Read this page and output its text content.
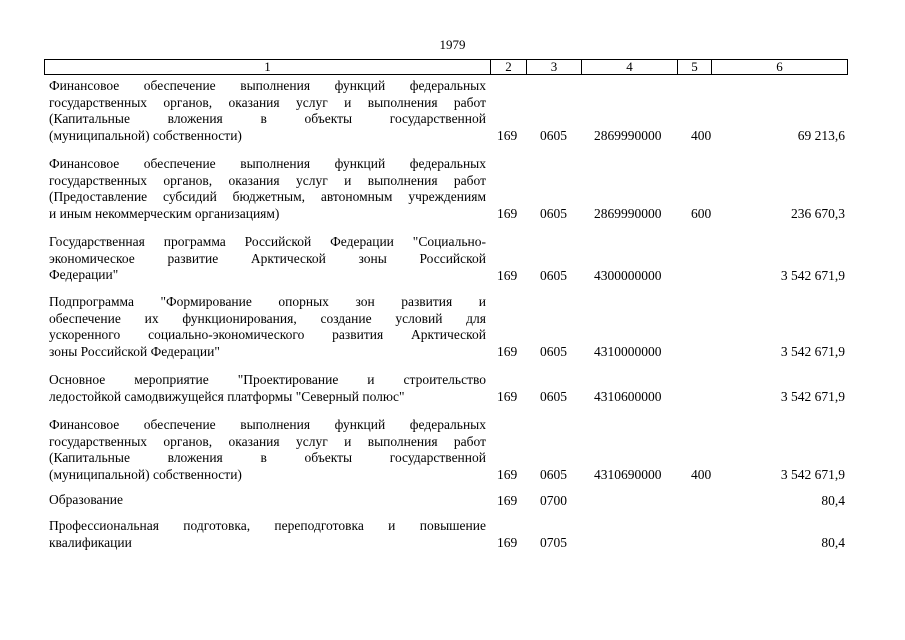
1979
1	2	3	4	5	6
Финансовое обеспечение выполнения функций федеральных
государственных органов, оказания услуг и выполнения работ
(Капитальные вложения в объекты государственной
(муниципальной) собственности)	169 0605 2869990000 400	69 213,6
Финансовое обеспечение выполнения функций федеральных
государственных органов, оказания услуг и выполнения работ
(Предоставление субсидий бюджетным, автономным учреждениям
и иным некоммерческим организациям)	169 0605 2869990000 600	236 670,3
Государственная программа Российской Федерации "Социально-
экономическое развитие Арктической зоны Российской
Федерации"	169 0605 4300000000	3 542 671,9
Подпрограмма "Формирование опорных зон развития и
обеспечение их функционирования, создание условий для
ускоренного социально-экономического развития Арктической
зоны Российской Федерации"	169 0605 4310000000	3 542 671,9
Основное мероприятие "Проектирование и строительство
ледостойкой самодвижущейся платформы "Северный полюс"	169 0605 4310600000	3 542 671,9
Финансовое обеспечение выполнения функций федеральных
государственных органов, оказания услуг и выполнения работ
(Капитальные вложения в объекты государственной
(муниципальной) собственности)	169 0605 4310690000 400	3 542 671,9
Образование	169 0700	80,4
Профессиональная подготовка, переподготовка и повышение
квалификации	169 0705	80,4
